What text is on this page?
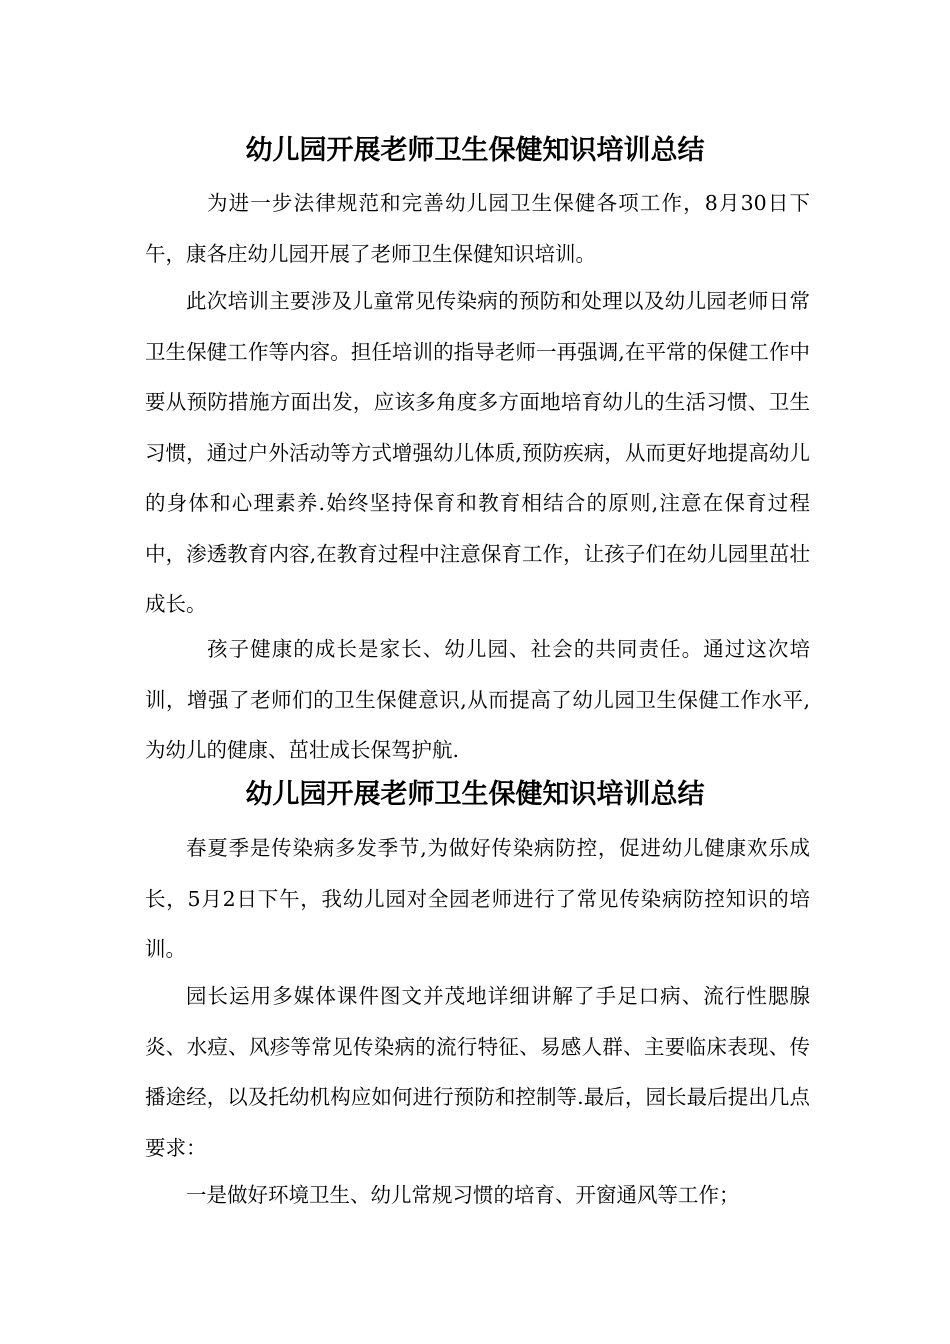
幼儿园开展老师卫生保健知识培训总结

为进一步法律规范和完善幼儿园卫生保健各项工作，8月30日下午，康各庄幼儿园开展了老师卫生保健知识培训。

此次培训主要涉及儿童常见传染病的预防和处理以及幼儿园老师日常卫生保健工作等内容。担任培训的指导老师一再强调,在平常的保健工作中要从预防措施方面出发，应该多角度多方面地培育幼儿的生活习惯、卫生习惯，通过户外活动等方式增强幼儿体质,预防疾病，从而更好地提高幼儿的身体和心理素养.始终坚持保育和教育相结合的原则,注意在保育过程中，渗透教育内容,在教育过程中注意保育工作，让孩子们在幼儿园里茁壮成长。

孩子健康的成长是家长、幼儿园、社会的共同责任。通过这次培训，增强了老师们的卫生保健意识,从而提高了幼儿园卫生保健工作水平,为幼儿的健康、茁壮成长保驾护航.

幼儿园开展老师卫生保健知识培训总结

春夏季是传染病多发季节,为做好传染病防控，促进幼儿健康欢乐成长，5月2日下午，我幼儿园对全园老师进行了常见传染病防控知识的培训。

园长运用多媒体课件图文并茂地详细讲解了手足口病、流行性腮腺炎、水痘、风疹等常见传染病的流行特征、易感人群、主要临床表现、传播途经，以及托幼机构应如何进行预防和控制等.最后，园长最后提出几点要求：

一是做好环境卫生、幼儿常规习惯的培育、开窗通风等工作；
